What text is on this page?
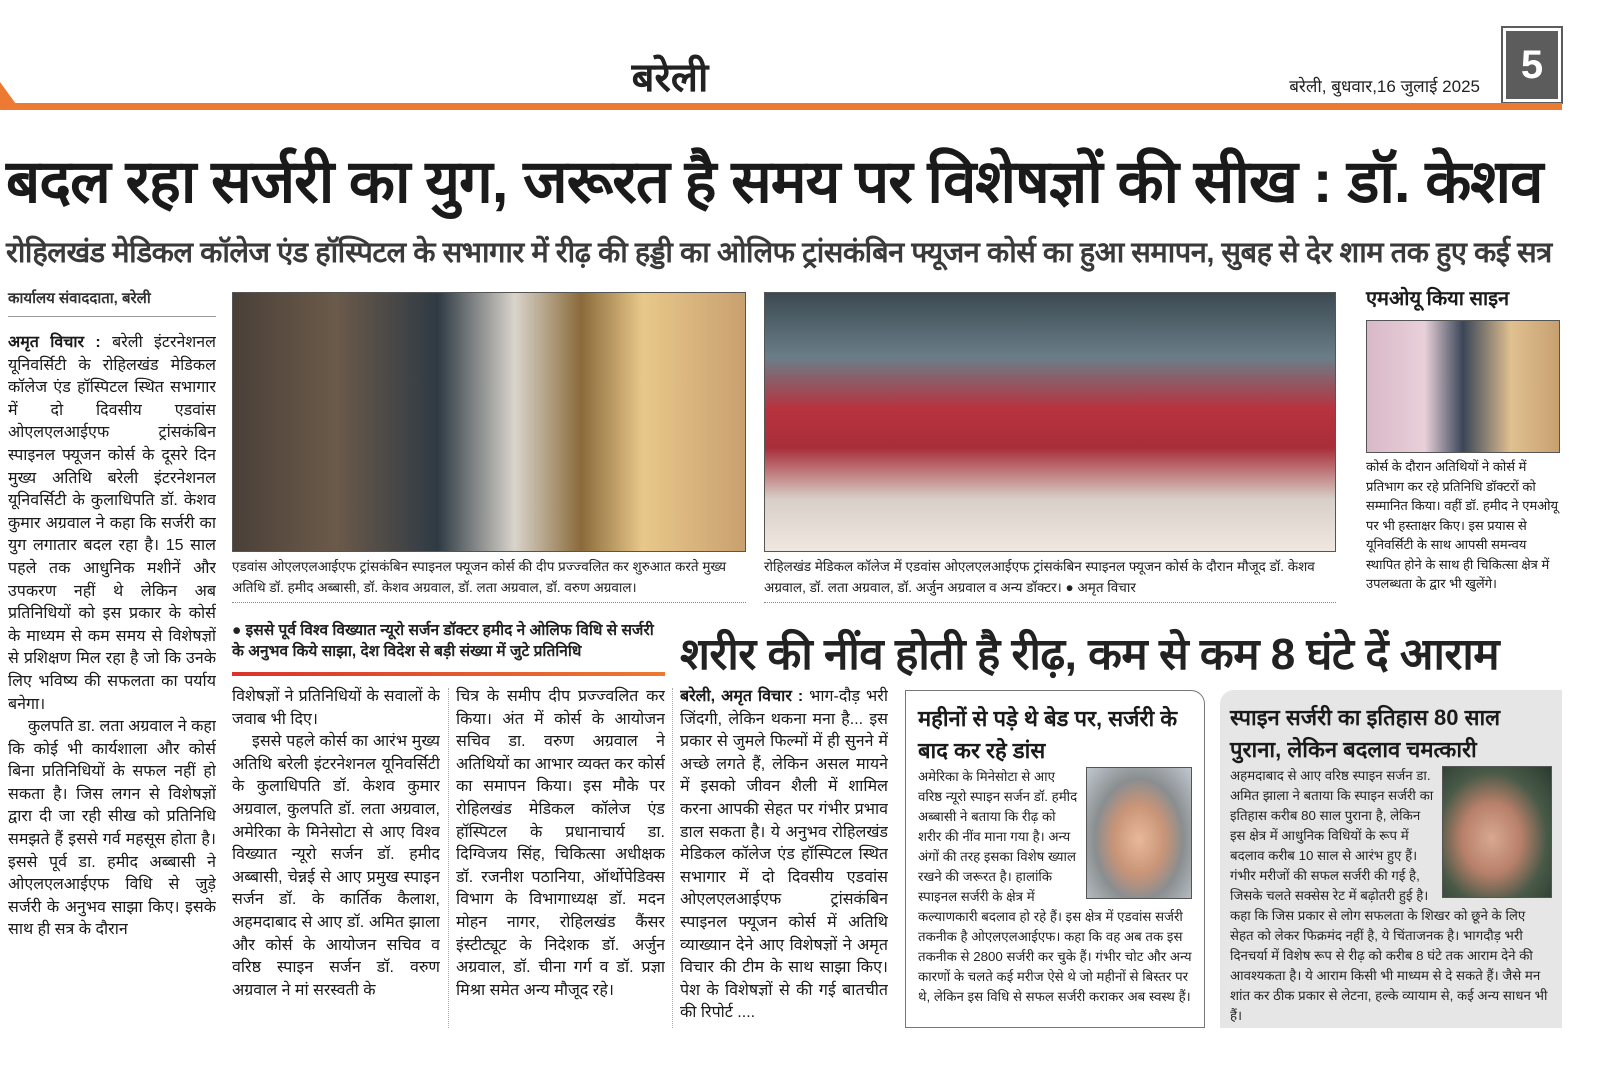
बरेली	बरेली, बुधवार,16 जुलाई 2025	5
बदल रहा सर्जरी का युग, जरूरत है समय पर विशेषज्ञों की सीख : डॉ. केशव
रोहिलखंड मेडिकल कॉलेज एंड हॉस्पिटल के सभागार में रीढ़ की हड्डी का ओलिफ ट्रांसकंबिन फ्यूजन कोर्स का हुआ समापन, सुबह से देर शाम तक हुए कई सत्र
कार्यालय संवाददाता, बरेली

अमृत विचार : बरेली इंटरनेशनल यूनिवर्सिटी के रोहिलखंड मेडिकल कॉलेज एंड हॉस्पिटल स्थित सभागार में दो दिवसीय एडवांस ओएलएलआईएफ ट्रांसकंबिन स्पाइनल फ्यूजन कोर्स के दूसरे दिन मुख्य अतिथि बरेली इंटरनेशनल यूनिवर्सिटी के कुलाधिपति डॉ. केशव कुमार अग्रवाल ने कहा कि सर्जरी का युग लगातार बदल रहा है। 15 साल पहले तक आधुनिक मशीनें और उपकरण नहीं थे लेकिन अब प्रतिनिधियों को इस प्रकार के कोर्स के माध्यम से कम समय से विशेषज्ञों से प्रशिक्षण मिल रहा है जो कि उनके लिए भविष्य की सफलता का पर्याय बनेगा।

कुलपति डा. लता अग्रवाल ने कहा कि कोई भी कार्यशाला और कोर्स बिना प्रतिनिधियों के सफल नहीं हो सकता है। जिस लगन से विशेषज्ञों द्वारा दी जा रही सीख को प्रतिनिधि समझते हैं इससे गर्व महसूस होता है। इससे पूर्व डा. हमीद अब्बासी ने ओएलएलआईएफ विधि से जुड़े सर्जरी के अनुभव साझा किए। इसके साथ ही सत्र के दौरान

एडवांस ओएलएलआईएफ ट्रांसकंबिन स्पाइनल फ्यूजन कोर्स की दीप प्रज्ज्वलित कर शुरुआत करते मुख्य अतिथि डॉ. हमीद अब्बासी, डॉ. केशव अग्रवाल, डॉ. लता अग्रवाल, डॉ. वरुण अग्रवाल।
रोहिलखंड मेडिकल कॉलेज में एडवांस ओएलएलआईएफ ट्रांसकंबिन स्पाइनल फ्यूजन कोर्स के दौरान मौजूद डॉ. केशव अग्रवाल, डॉ. लता अग्रवाल, डॉ. अर्जुन अग्रवाल व अन्य डॉक्टर। ● अमृत विचार
एमओयू किया साइन
कोर्स के दौरान अतिथियों ने कोर्स में प्रतिभाग कर रहे प्रतिनिधि डॉक्टरों को सम्मानित किया। वहीं डॉ. हमीद ने एमओयू पर भी हस्ताक्षर किए। इस प्रयास से यूनिवर्सिटी के साथ आपसी समन्वय स्थापित होने के साथ ही चिकित्सा क्षेत्र में उपलब्धता के द्वार भी खुलेंगे।
● इससे पूर्व विश्व विख्यात न्यूरो सर्जन डॉक्टर हमीद ने ओलिफ विधि से सर्जरी के अनुभव किये साझा, देश विदेश से बड़ी संख्या में जुटे प्रतिनिधि

विशेषज्ञों ने प्रतिनिधियों के सवालों के जवाब भी दिए।

इससे पहले कोर्स का आरंभ मुख्य अतिथि बरेली इंटरनेशनल यूनिवर्सिटी के कुलाधिपति डॉ. केशव कुमार अग्रवाल, कुलपति डॉ. लता अग्रवाल, अमेरिका के मिनेसोटा से आए विश्व विख्यात न्यूरो सर्जन डॉ. हमीद अब्बासी, चेन्नई से आए प्रमुख स्पाइन सर्जन डॉ. के कार्तिक कैलाश, अहमदाबाद से आए डॉ. अमित झाला और कोर्स के आयोजन सचिव व वरिष्ठ स्पाइन सर्जन डॉ. वरुण अग्रवाल ने मां सरस्वती के

चित्र के समीप दीप प्रज्ज्वलित कर किया। अंत में कोर्स के आयोजन सचिव डा. वरुण अग्रवाल ने अतिथियों का आभार व्यक्त कर कोर्स का समापन किया। इस मौके पर रोहिलखंड मेडिकल कॉलेज एंड हॉस्पिटल के प्रधानाचार्य डा. दिग्विजय सिंह, चिकित्सा अधीक्षक डॉ. रजनीश पठानिया, ऑर्थोपेडिक्स विभाग के विभागाध्यक्ष डॉ. मदन मोहन नागर, रोहिलखंड कैंसर इंस्टीट्यूट के निदेशक डॉ. अर्जुन अग्रवाल, डॉ. चीना गर्ग व डॉ. प्रज्ञा मिश्रा समेत अन्य मौजूद रहे।

शरीर की नींव होती है रीढ़, कम से कम 8 घंटे दें आराम

बरेली, अमृत विचार : भाग-दौड़ भरी जिंदगी, लेकिन थकना मना है... इस प्रकार से जुमले फिल्मों में ही सुनने में अच्छे लगते हैं, लेकिन असल मायने में इसको जीवन शैली में शामिल करना आपकी सेहत पर गंभीर प्रभाव डाल सकता है। ये अनुभव रोहिलखंड मेडिकल कॉलेज एंड हॉस्पिटल स्थित सभागार में दो दिवसीय एडवांस ओएलएलआईएफ ट्रांसकंबिन स्पाइनल फ्यूजन कोर्स में अतिथि व्याख्यान देने आए विशेषज्ञों ने अमृत विचार की टीम के साथ साझा किए। पेश के विशेषज्ञों से की गई बातचीत की रिपोर्ट ....

महीनों से पड़े थे बेड पर, सर्जरी के बाद कर रहे डांस
अमेरिका के मिनेसोटा से आए वरिष्ठ न्यूरो स्पाइन सर्जन डॉ. हमीद अब्बासी ने बताया कि रीढ़ को शरीर की नींव माना गया है। अन्य अंगों की तरह इसका विशेष ख्याल रखने की जरूरत है। हालांकि स्पाइनल सर्जरी के क्षेत्र में कल्याणकारी बदलाव हो रहे हैं। इस क्षेत्र में एडवांस सर्जरी तकनीक है ओएलएलआईएफ। कहा कि वह अब तक इस तकनीक से 2800 सर्जरी कर चुके हैं। गंभीर चोट और अन्य कारणों के चलते कई मरीज ऐसे थे जो महीनों से बिस्तर पर थे, लेकिन इस विधि से सफल सर्जरी कराकर अब स्वस्थ हैं।
स्पाइन सर्जरी का इतिहास 80 साल पुराना, लेकिन बदलाव चमत्कारी
अहमदाबाद से आए वरिष्ठ स्पाइन सर्जन डा. अमित झाला ने बताया कि स्पाइन सर्जरी का इतिहास करीब 80 साल पुराना है, लेकिन इस क्षेत्र में आधुनिक विधियों के रूप में बदलाव करीब 10 साल से आरंभ हुए हैं। गंभीर मरीजों की सफल सर्जरी की गई है, जिसके चलते सक्सेस रेट में बढ़ोतरी हुई है। कहा कि जिस प्रकार से लोग सफलता के शिखर को छूने के लिए सेहत को लेकर फिक्रमंद नहीं है, ये चिंताजनक है। भागदौड़ भरी दिनचर्या में विशेष रूप से रीढ़ को करीब 8 घंटे तक आराम देने की आवश्यकता है। ये आराम किसी भी माध्यम से दे सकते हैं। जैसे मन शांत कर ठीक प्रकार से लेटना, हल्के व्यायाम से, कई अन्य साधन भी हैं।
